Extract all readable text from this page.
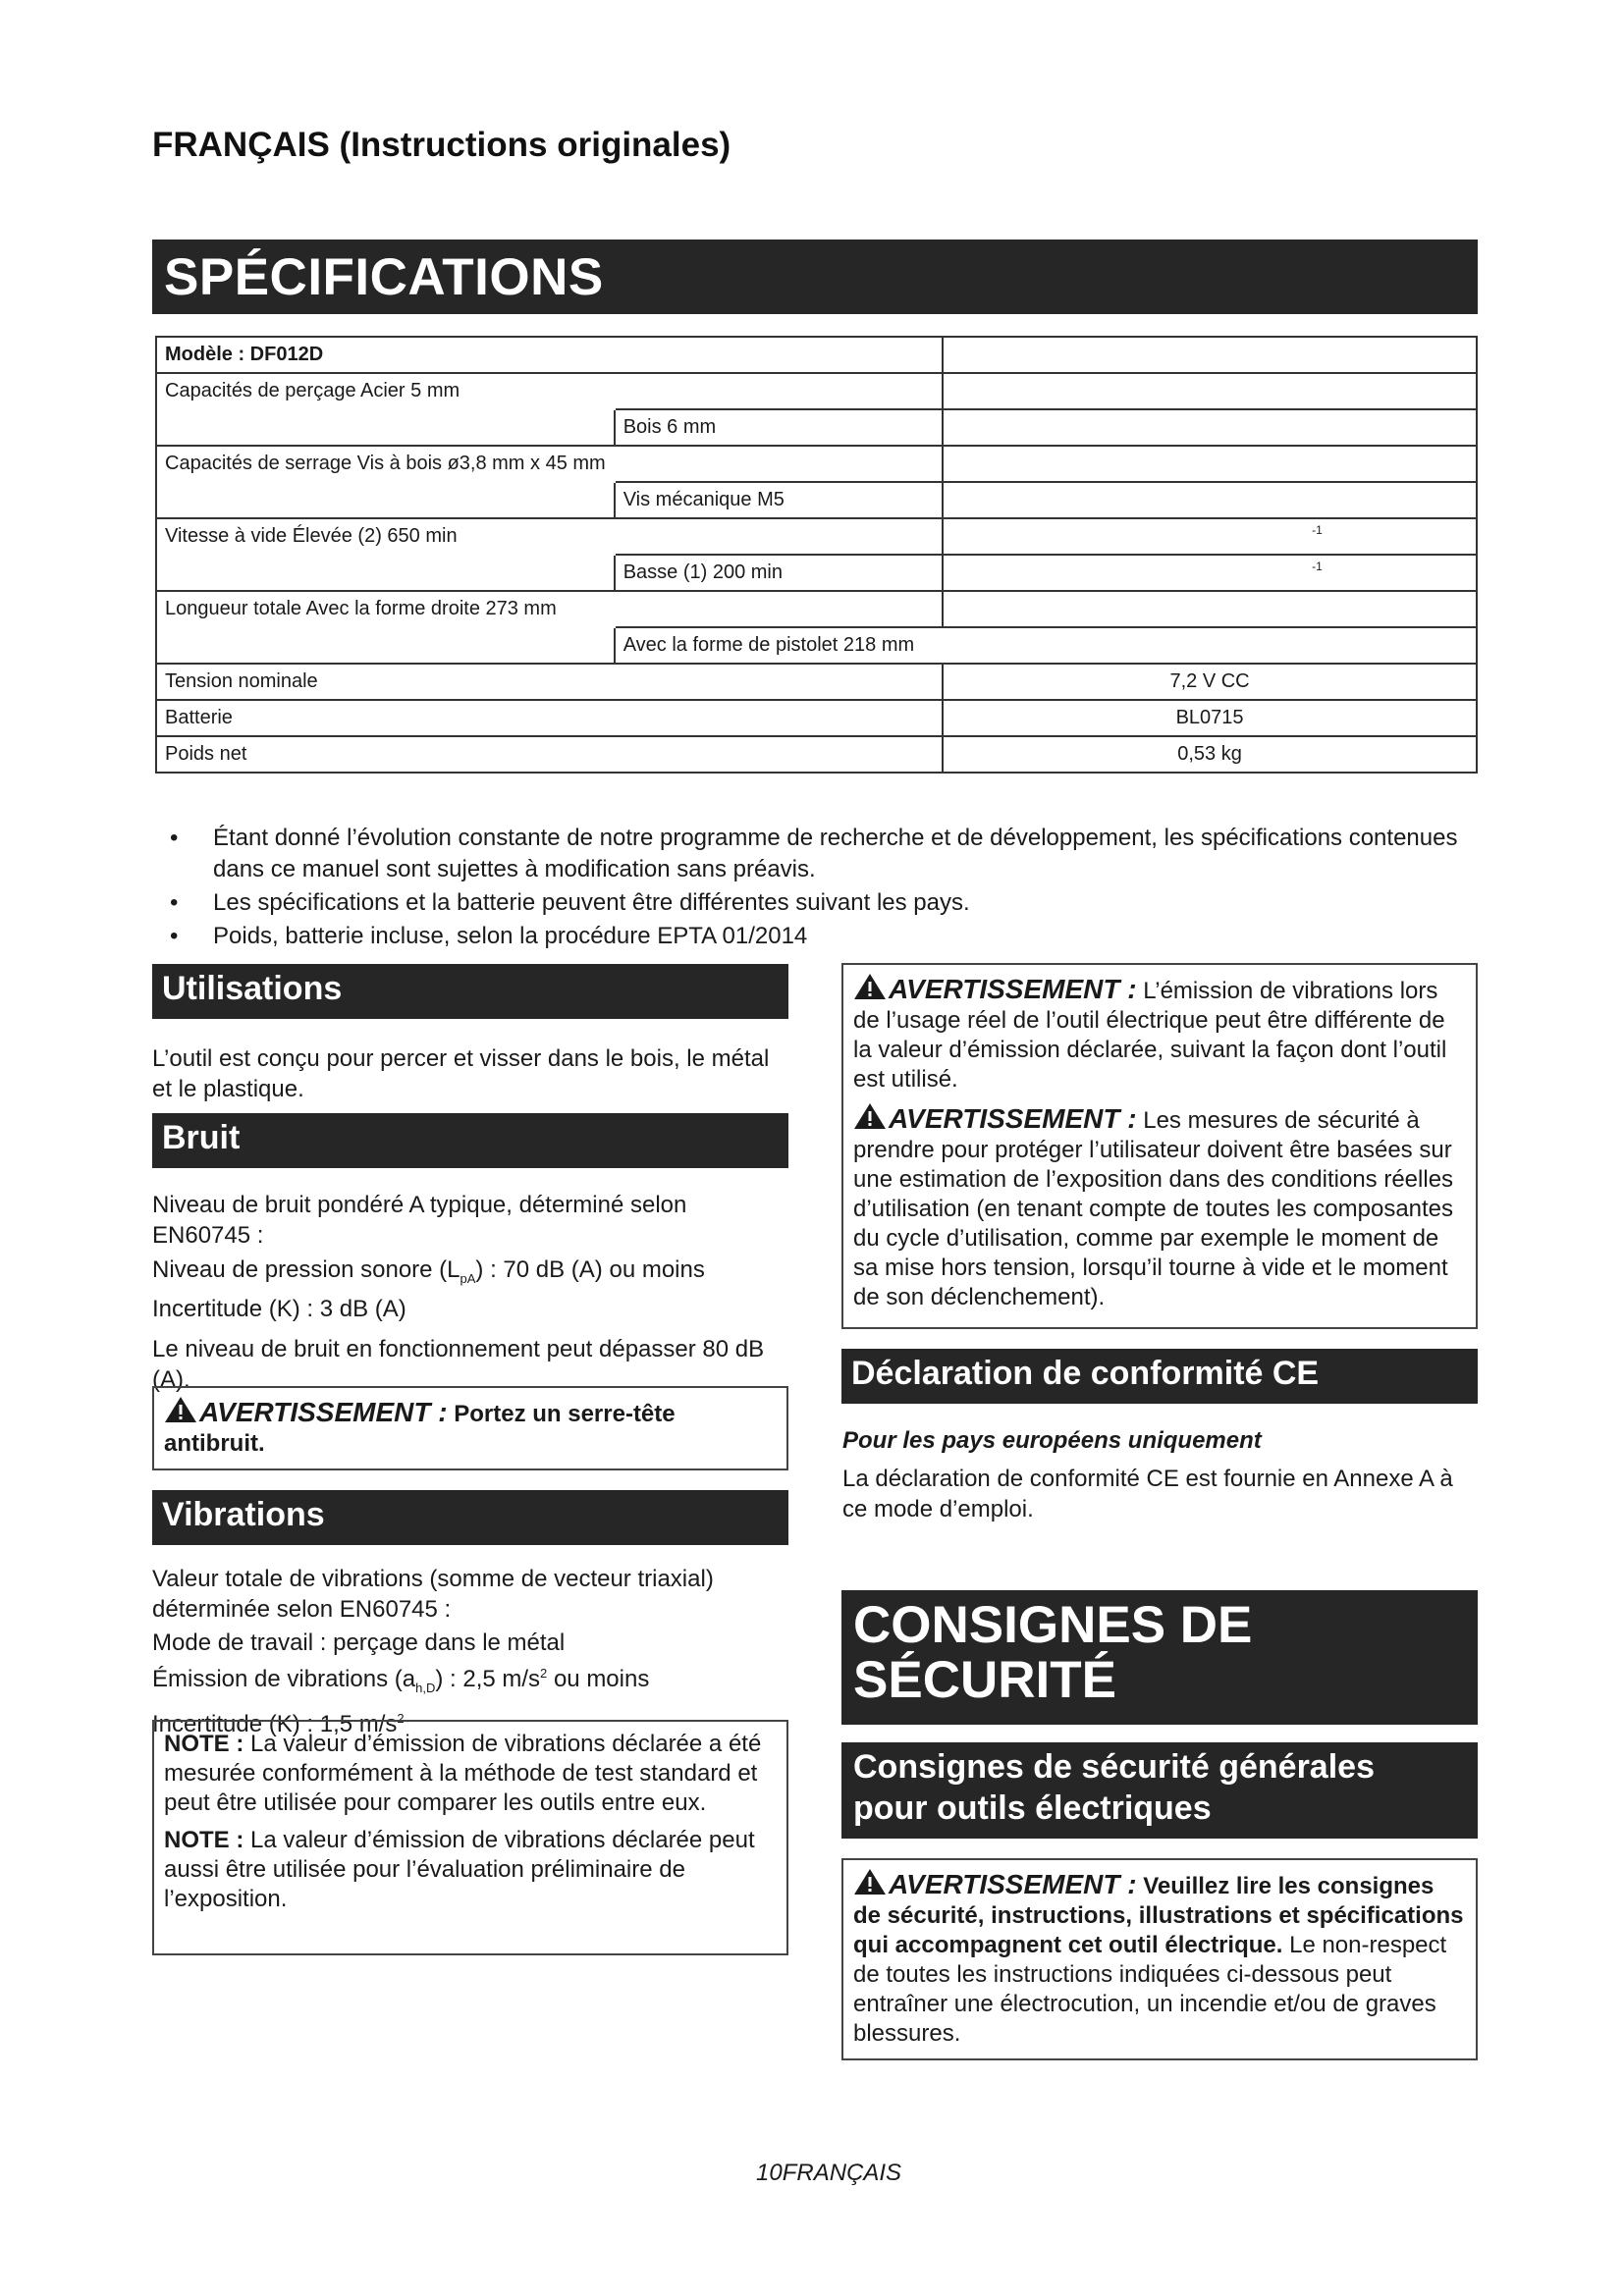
FRANÇAIS (Instructions originales)
SPÉCIFICATIONS
Modèle : DF012D		
Capacités de perçage Acier 5 mm		
	Bois 6 mm	
Capacités de serrage Vis à bois ø3,8 mm x 45 mm		
	Vis mécanique M5	
Vitesse à vide Élevée (2) 650 min		-1

	Basse (1) 200 min	-1

Longueur totale Avec la forme droite 273 mm		
	Avec la forme de pistolet 218 mm	
Tension nominale		7,2 V CC
Batterie		BL0715
Poids net		0,53 kg
• Étant donné l’évolution constante de notre programme de recherche et de développement, les spécifications contenues dans ce manuel sont sujettes à modification sans préavis.
• Les spécifications et la batterie peuvent être différentes suivant les pays.
• Poids, batterie incluse, selon la procédure EPTA 01/2014
Utilisations
L’outil est conçu pour percer et visser dans le bois, le métal et le plastique.
Bruit

Niveau de bruit pondéré A typique, déterminé selon EN60745 :

Niveau de pression sonore $(L_{pA})$ : 70 dB (A) ou moins

Incertitude (K) : 3 dB (A)

Le niveau de bruit en fonctionnement peut dépasser 80 dB (A).

AVERTISSEMENT : Portez un serre-tête antibruit.
Vibrations

Valeur totale de vibrations (somme de vecteur triaxial) déterminée selon EN60745 :

Mode de travail : perçage dans le métal

Émission de vibrations $(a_{h,D})$ : 2,5 $m/s^2$ ou moins

Incertitude (K) : 1,5 $m/s^2$

NOTE : La valeur d’émission de vibrations déclarée a été mesurée conformément à la méthode de test standard et peut être utilisée pour comparer les outils entre eux.

NOTE : La valeur d’émission de vibrations déclarée peut aussi être utilisée pour l’évaluation préliminaire de l’exposition.

AVERTISSEMENT : L’émission de vibrations lors de l’usage réel de l’outil électrique peut être différente de la valeur d’émission déclarée, suivant la façon dont l’outil est utilisé.

AVERTISSEMENT : Les mesures de sécurité à prendre pour protéger l’utilisateur doivent être basées sur une estimation de l’exposition dans des conditions réelles d’utilisation (en tenant compte de toutes les composantes du cycle d’utilisation, comme par exemple le moment de sa mise hors tension, lorsqu’il tourne à vide et le moment de son déclenchement).

Déclaration de conformité CE
Pour les pays européens uniquement
La déclaration de conformité CE est fournie en Annexe A à ce mode d’emploi.
CONSIGNES DE
SÉCURITÉ
Consignes de sécurité générales
pour outils électriques
AVERTISSEMENT : Veuillez lire les consignes de sécurité, instructions, illustrations et spécifications qui accompagnent cet outil électrique. Le non-respect de toutes les instructions indiquées ci-dessous peut entraîner une électrocution, un incendie et/ou de graves blessures.
10FRANÇAIS
